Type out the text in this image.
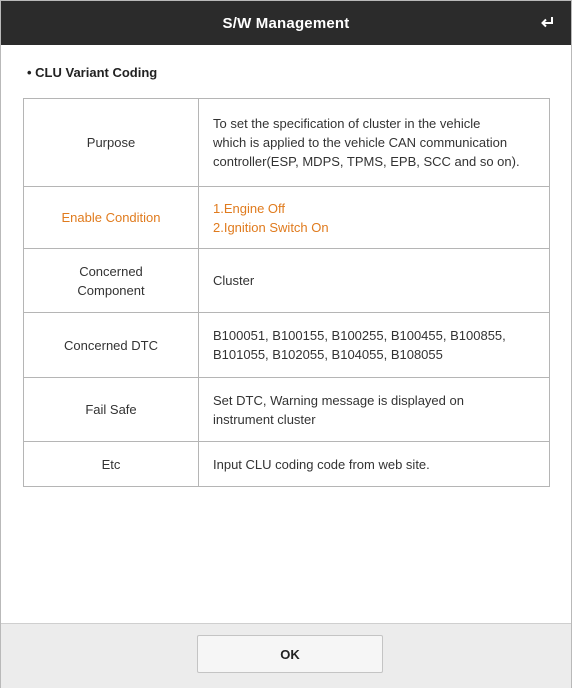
S/W Management
• CLU Variant Coding
Purpose	To set the specification of cluster in the vehicle
which is applied to the vehicle CAN communication
controller(ESP, MDPS, TPMS, EPB, SCC and so on).

Enable Condition	1.Engine Off
2.Ignition Switch On

Concerned
Component	Cluster

Concerned DTC	B100051, B100155, B100255, B100455, B100855,
B101055, B102055, B104055, B108055

Fail Safe	Set DTC, Warning message is displayed on
instrument cluster

Etc	Input CLU coding code from web site.
OK
